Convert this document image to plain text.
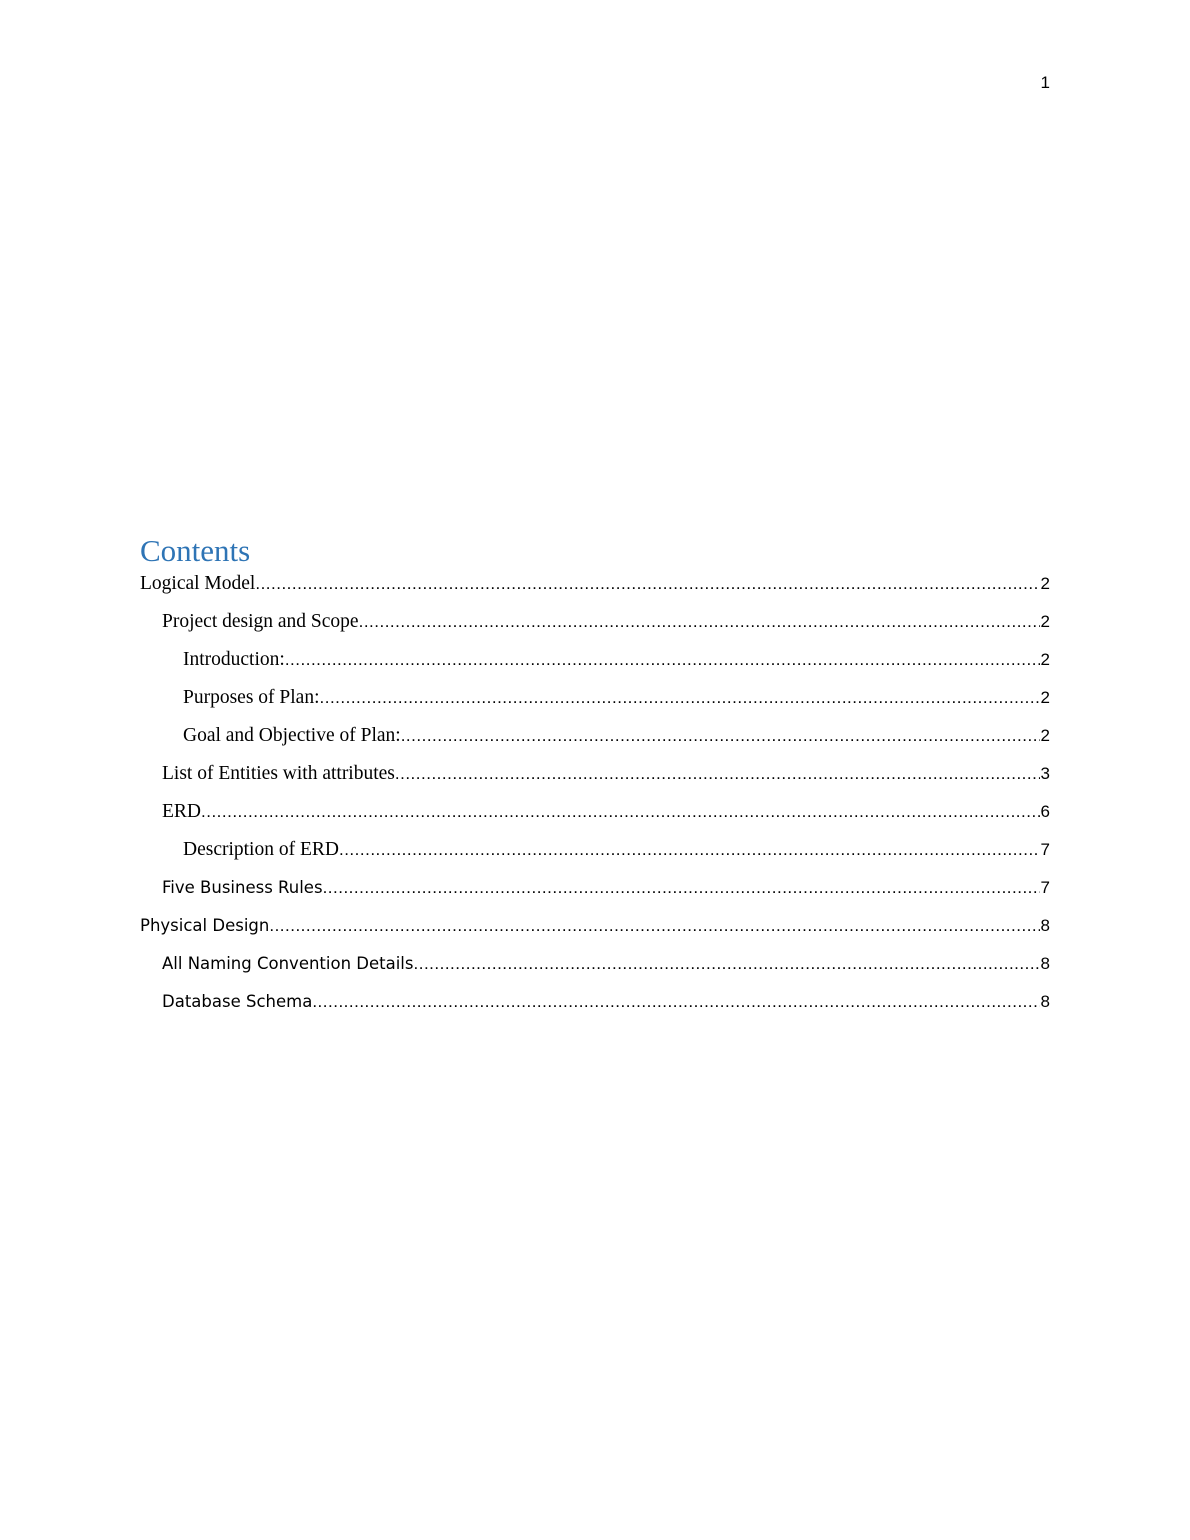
1
Contents
Logical Model .....	2
Project design and Scope .....	2
Introduction: .....	2
Purposes of Plan: .....	2
Goal and Objective of Plan: .....	2
List of Entities with attributes .....	3
ERD .....	6
Description of ERD .....	7
Five Business Rules .....	7
Physical Design .....	8
All Naming Convention Details .....	8
Database Schema .....	8
